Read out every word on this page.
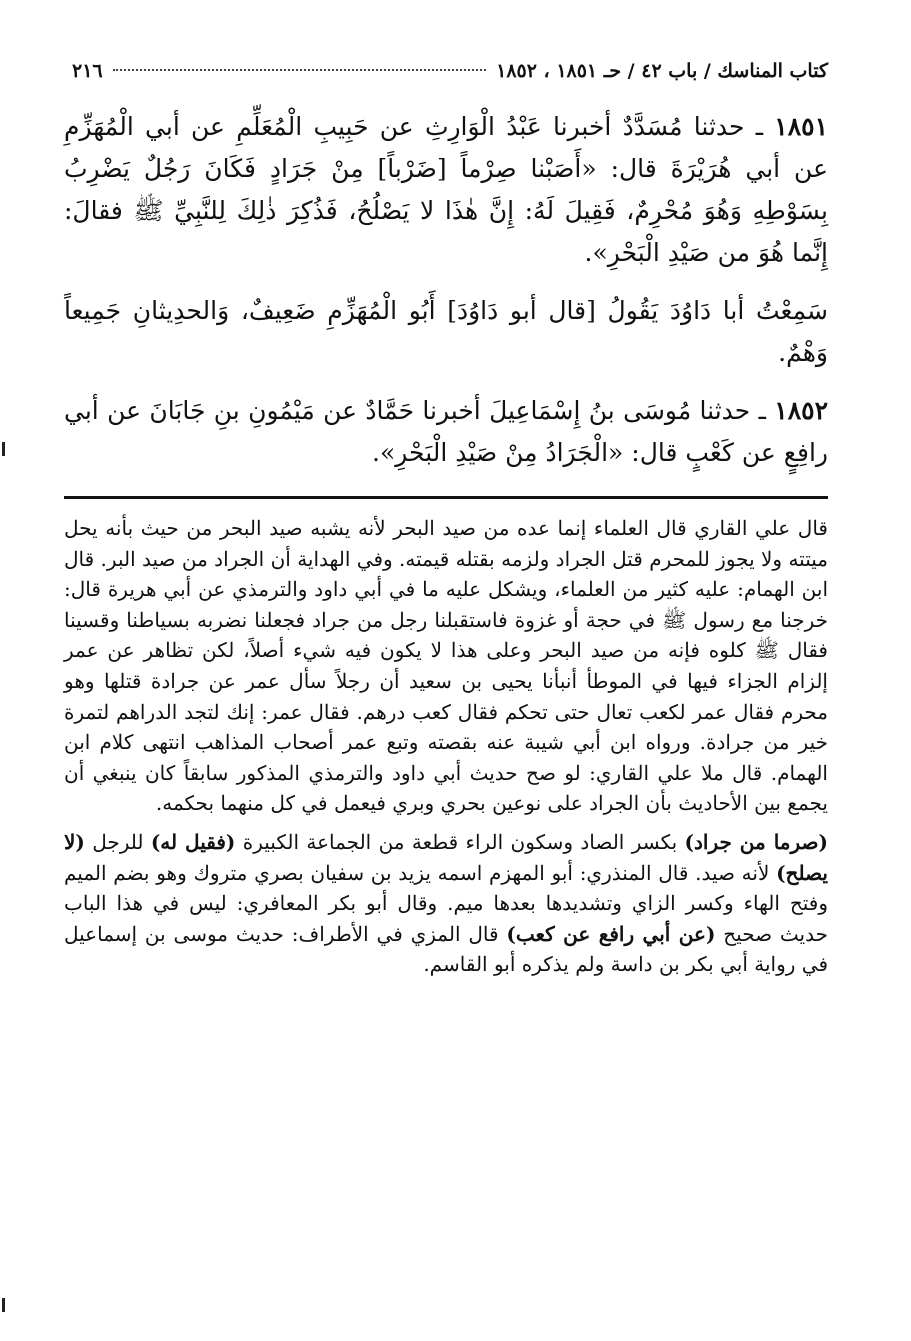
كتاب المناسك / باب ٤٢ / حـ ١٨٥١ ، ١٨٥٢
٢١٦

١٨٥١ ـ حدثنا مُسَدَّدٌ أخبرنا عَبْدُ الْوَارِثِ عن حَبِيبِ الْمُعَلِّمِ عن أبي الْمُهَزِّمِ عن أبي هُرَيْرَةَ قال: «أَصَبْنا صِرْماً [ضَرْباً] مِنْ جَرَادٍ فَكَانَ رَجُلٌ يَضْرِبُ بِسَوْطِهِ وَهُوَ مُحْرِمٌ، فَقِيلَ لَهُ: إِنَّ هٰذَا لا يَصْلُحُ، فَذُكِرَ ذٰلِكَ لِلنَّبِيِّ ﷺ فقالَ: إِنَّما هُوَ من صَيْدِ الْبَحْرِ».

سَمِعْتُ أبا دَاوُدَ يَقُولُ [قال أبو دَاوُدَ] أَبُو الْمُهَزِّمِ ضَعِيفٌ، وَالحدِيثانِ جَمِيعاً وَهْمٌ.

١٨٥٢ ـ حدثنا مُوسَى بنُ إِسْمَاعِيلَ أخبرنا حَمَّادٌ عن مَيْمُونِ بنِ جَابَانَ عن أبي رافِعٍ عن كَعْبٍ قال: «الْجَرَادُ مِنْ صَيْدِ الْبَحْرِ».

قال علي القاري قال العلماء إنما عده من صيد البحر لأنه يشبه صيد البحر من حيث بأنه يحل ميتته ولا يجوز للمحرم قتل الجراد ولزمه بقتله قيمته. وفي الهداية أن الجراد من صيد البر. قال ابن الهمام: عليه كثير من العلماء، ويشكل عليه ما في أبي داود والترمذي عن أبي هريرة قال: خرجنا مع رسول ﷺ في حجة أو غزوة فاستقبلنا رجل من جراد فجعلنا نضربه بسياطنا وقسينا فقال ﷺ كلوه فإنه من صيد البحر وعلى هذا لا يكون فيه شيء أصلاً، لكن تظاهر عن عمر إلزام الجزاء فيها في الموطأ أنبأنا يحيى بن سعيد أن رجلاً سأل عمر عن جرادة قتلها وهو محرم فقال عمر لكعب تعال حتى تحكم فقال كعب درهم. فقال عمر: إنك لتجد الدراهم لتمرة خير من جرادة. ورواه ابن أبي شيبة عنه بقصته وتبع عمر أصحاب المذاهب انتهى كلام ابن الهمام. قال ملا علي القاري: لو صح حديث أبي داود والترمذي المذكور سابقاً كان ينبغي أن يجمع بين الأحاديث بأن الجراد على نوعين بحري وبري فيعمل في كل منهما بحكمه.

(صرما من جراد) بكسر الصاد وسكون الراء قطعة من الجماعة الكبيرة (فقيل له) للرجل (لا يصلح) لأنه صيد. قال المنذري: أبو المهزم اسمه يزيد بن سفيان بصري متروك وهو بضم الميم وفتح الهاء وكسر الزاي وتشديدها بعدها ميم. وقال أبو بكر المعافري: ليس في هذا الباب حديث صحيح (عن أبي رافع عن كعب) قال المزي في الأطراف: حديث موسى بن إسماعيل في رواية أبي بكر بن داسة ولم يذكره أبو القاسم.
